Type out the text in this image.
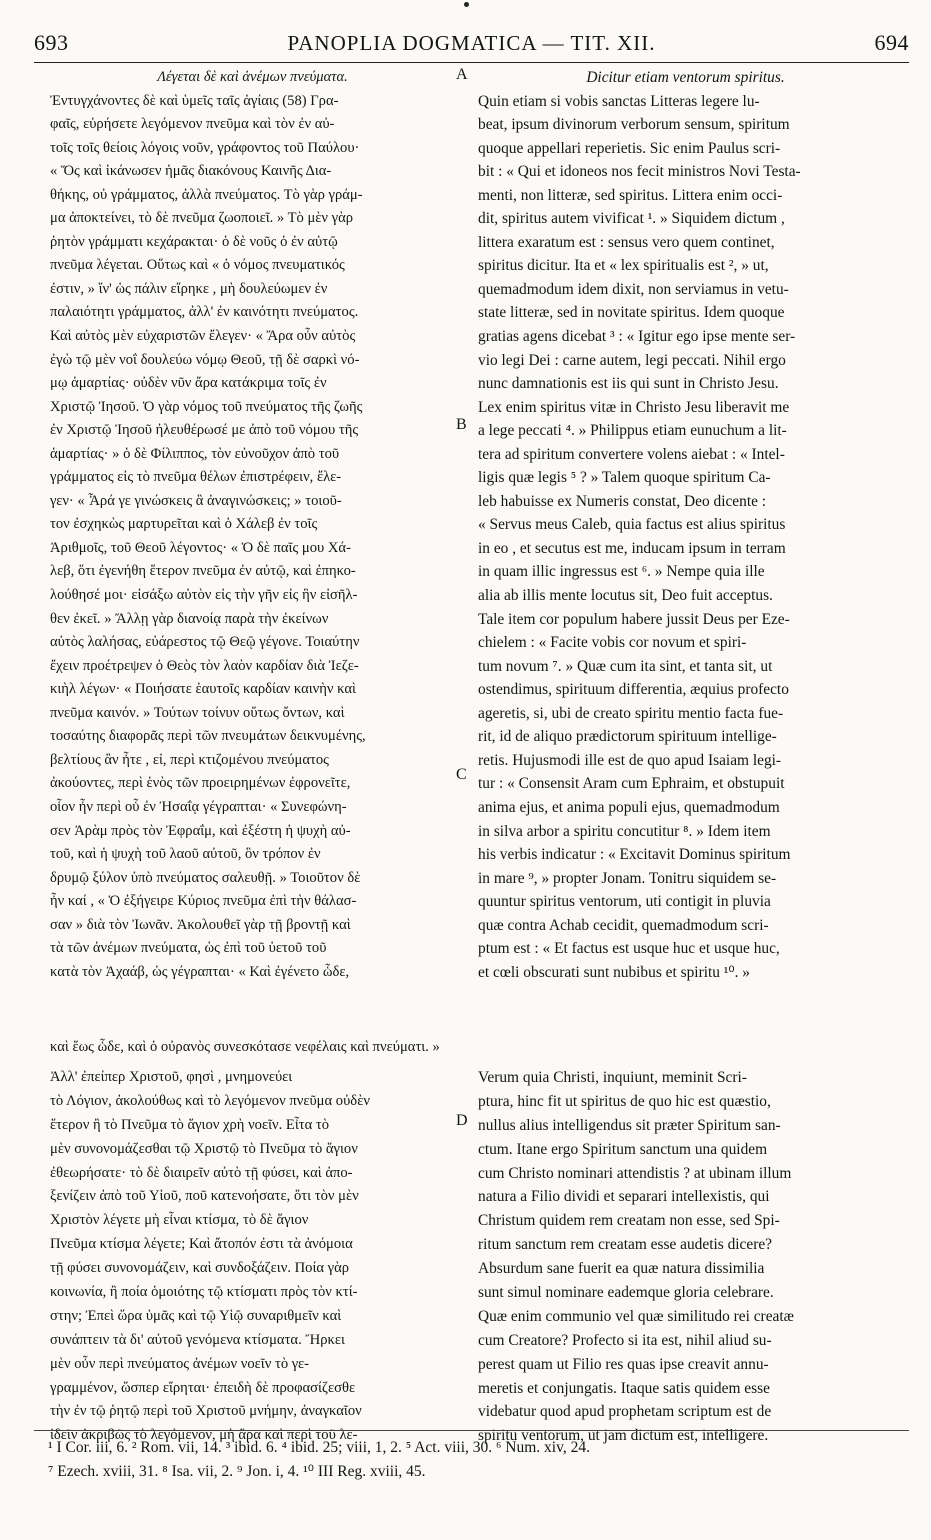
693	PANOPLIA DOGMATICA — TIT. XII.	694
Λέγεται δὲ καὶ ἀνέμων πνεύματα.
Ἐντυγχάνοντες δὲ καὶ ὑμεῖς ταῖς ἁγίαις (58) Γρα-
φαῖς, εὑρήσετε λεγόμενον πνεῦμα καὶ τὸν ἐν αὐ-
τοῖς τοῖς θείοις λόγοις νοῦν, γράφοντος τοῦ Παύλου·
« Ὅς καὶ ἱκάνωσεν ἡμᾶς διακόνους Καινῆς Δια-
θήκης, οὐ γράμματος, ἀλλὰ πνεύματος. Τὸ γὰρ γράμ-
μα ἀποκτείνει, τὸ δὲ πνεῦμα ζωοποιεῖ. » Τὸ μὲν γὰρ
ῥητὸν γράμματι κεχάρακται· ὁ δὲ νοῦς ὁ ἐν αὐτῷ
πνεῦμα λέγεται. Οὕτως καὶ « ὁ νόμος πνευματικός
ἐστιν, » ἵν' ὡς πάλιν εἴρηκε , μὴ δουλεύωμεν ἐν
παλαιότητι γράμματος, ἀλλ' ἐν καινότητι πνεύματος.
Καὶ αὐτὸς μὲν εὐχαριστῶν ἔλεγεν· « Ἄρα οὖν αὐτὸς
ἐγὼ τῷ μὲν νοΐ δουλεύω νόμῳ Θεοῦ, τῇ δὲ σαρκὶ νό-
μῳ ἁμαρτίας· οὐδὲν νῦν ἄρα κατάκριμα τοῖς ἐν
Χριστῷ Ἰησοῦ. Ὁ γὰρ νόμος τοῦ πνεύματος τῆς ζωῆς
ἐν Χριστῷ Ἰησοῦ ἠλευθέρωσέ με ἀπὸ τοῦ νόμου τῆς
ἁμαρτίας· » ὁ δὲ Φίλιππος, τὸν εὐνοῦχον ἀπὸ τοῦ
γράμματος εἰς τὸ πνεῦμα θέλων ἐπιστρέφειν, ἔλε-
γεν· « Ἆρά γε γινώσκεις ἃ ἀναγινώσκεις; » τοιοῦ-
τον ἐσχηκὼς μαρτυρεῖται καὶ ὁ Χάλεβ ἐν τοῖς
Ἀριθμοῖς, τοῦ Θεοῦ λέγοντος· « Ὁ δὲ παῖς μου Χά-
λεβ, ὅτι ἐγενήθη ἕτερον πνεῦμα ἐν αὐτῷ, καὶ ἐπηκο-
λούθησέ μοι· εἰσάξω αὐτὸν εἰς τὴν γῆν εἰς ἣν εἰσῆλ-
θεν ἐκεῖ. » Ἄλλῃ γὰρ διανοίᾳ παρὰ τὴν ἐκείνων
αὐτὸς λαλήσας, εὐάρεστος τῷ Θεῷ γέγονε. Τοιαύτην
ἔχειν προέτρεψεν ὁ Θεὸς τὸν λαὸν καρδίαν διὰ Ἰεζε-
κιὴλ λέγων· « Ποιήσατε ἑαυτοῖς καρδίαν καινὴν καὶ
πνεῦμα καινόν. » Τούτων τοίνυν οὕτως ὄντων, καὶ
τοσαύτης διαφορᾶς περὶ τῶν πνευμάτων δεικνυμένης,
βελτίους ἂν ἦτε , εἰ, περὶ κτιζομένου πνεύματος
ἀκούοντες, περὶ ἑνὸς τῶν προειρημένων ἐφρονεῖτε,
οἷον ἦν περὶ οὗ ἐν Ἠσαΐᾳ γέγραπται· « Συνεφώνη-
σεν Ἀρὰμ πρὸς τὸν Ἐφραΐμ, καὶ ἐξέστη ἡ ψυχὴ αὐ-
τοῦ, καὶ ἡ ψυχὴ τοῦ λαοῦ αὐτοῦ, ὃν τρόπον ἐν
δρυμῷ ξύλον ὑπὸ πνεύματος σαλευθῇ. » Τοιοῦτον δὲ
ἦν καί , « Ὁ ἐξήγειρε Κύριος πνεῦμα ἐπὶ τὴν θάλασ-
σαν » διὰ τὸν Ἰωνᾶν. Ἀκολουθεῖ γὰρ τῇ βροντῇ καὶ
τὰ τῶν ἀνέμων πνεύματα, ὡς ἐπὶ τοῦ ὑετοῦ τοῦ
κατὰ τὸν Ἀχαάβ, ὡς γέγραπται· « Καὶ ἐγένετο ὧδε,
A
B
C
D
Dicitur etiam ventorum spiritus.
Quin etiam si vobis sanctas Litteras legere lu-
beat, ipsum divinorum verborum sensum, spiritum
quoque appellari reperietis. Sic enim Paulus scri-
bit : « Qui et idoneos nos fecit ministros Novi Testa-
menti, non litteræ, sed spiritus. Littera enim occi-
dit, spiritus autem vivificat ¹. » Siquidem dictum ,
littera exaratum est : sensus vero quem continet,
spiritus dicitur. Ita et « lex spiritualis est ², » ut,
quemadmodum idem dixit, non serviamus in vetu-
state litteræ, sed in novitate spiritus. Idem quoque
gratias agens dicebat ³ : « Igitur ego ipse mente ser-
vio legi Dei : carne autem, legi peccati. Nihil ergo
nunc damnationis est iis qui sunt in Christo Jesu.
Lex enim spiritus vitæ in Christo Jesu liberavit me
a lege peccati ⁴. » Philippus etiam eunuchum a lit-
tera ad spiritum convertere volens aiebat : « Intel-
ligis quæ legis ⁵ ? » Talem quoque spiritum Ca-
leb habuisse ex Numeris constat, Deo dicente :
« Servus meus Caleb, quia factus est alius spiritus
in eo , et secutus est me, inducam ipsum in terram
in quam illic ingressus est ⁶. » Nempe quia ille
alia ab illis mente locutus sit, Deo fuit acceptus.
Tale item cor populum habere jussit Deus per Eze-
chielem : « Facite vobis cor novum et spiri-
tum novum ⁷. » Quæ cum ita sint, et tanta sit, ut
ostendimus, spirituum differentia, æquius profecto
ageretis, si, ubi de creato spiritu mentio facta fue-
rit, id de aliquo prædictorum spirituum intellige-
retis. Hujusmodi ille est de quo apud Isaiam legi-
tur : « Consensit Aram cum Ephraim, et obstupuit
anima ejus, et anima populi ejus, quemadmodum
in silva arbor a spiritu concutitur ⁸. » Idem item
his verbis indicatur : « Excitavit Dominus spiritum
in mare ⁹, » propter Jonam. Tonitru siquidem se-
quuntur spiritus ventorum, uti contigit in pluvia
quæ contra Achab cecidit, quemadmodum scri-
ptum est : « Et factus est usque huc et usque huc,
et cœli obscurati sunt nubibus et spiritu ¹⁰. »
καὶ ἕως ὧδε, καὶ ὁ οὐρανὸς συνεσκότασε νεφέλαις καὶ πνεύματι. »
Ἀλλ' ἐπείπερ Χριστοῦ, φησὶ , μνημονεύει
τὸ Λόγιον, ἀκολούθως καὶ τὸ λεγόμενον πνεῦμα οὐδὲν
ἕτερον ἢ τὸ Πνεῦμα τὸ ἅγιον χρὴ νοεῖν. Εἶτα τὸ
μὲν συνονομάζεσθαι τῷ Χριστῷ τὸ Πνεῦμα τὸ ἅγιον
ἐθεωρήσατε· τὸ δὲ διαιρεῖν αὐτὸ τῇ φύσει, καὶ ἀπο-
ξενίζειν ἀπὸ τοῦ Υἱοῦ, ποῦ κατενοήσατε, ὅτι τὸν μὲν
Χριστὸν λέγετε μὴ εἶναι κτίσμα, τὸ δὲ ἅγιον
Πνεῦμα κτίσμα λέγετε; Καὶ ἄτοπόν ἐστι τὰ ἀνόμοια
τῇ φύσει συνονομάζειν, καὶ συνδοξάζειν. Ποία γὰρ
κοινωνία, ἢ ποία ὁμοιότης τῷ κτίσματι πρὸς τὸν κτί-
στην; Ἐπεὶ ὥρα ὑμᾶς καὶ τῷ Υἱῷ συναριθμεῖν καὶ
συνάπτειν τὰ δι' αὐτοῦ γενόμενα κτίσματα. Ἤρκει
μὲν οὖν περὶ πνεύματος ἀνέμων νοεῖν τὸ γε-
γραμμένον, ὥσπερ εἴρηται· ἐπειδὴ δὲ προφασίζεσθε
τὴν ἐν τῷ ῥητῷ περὶ τοῦ Χριστοῦ μνήμην, ἀναγκαῖον
ἰδεῖν ἀκριβῶς τὸ λεγόμενον, μὴ ἄρα καὶ περὶ τοῦ λε-
Verum quia Christi, inquiunt, meminit Scri-
ptura, hinc fit ut spiritus de quo hic est quæstio,
nullus alius intelligendus sit præter Spiritum san-
ctum. Itane ergo Spiritum sanctum una quidem
cum Christo nominari attendistis ? at ubinam illum
natura a Filio dividi et separari intellexistis, qui
Christum quidem rem creatam non esse, sed Spi-
ritum sanctum rem creatam esse audetis dicere?
Absurdum sane fuerit ea quæ natura dissimilia
sunt simul nominare eademque gloria celebrare.
Quæ enim communio vel quæ similitudo rei creatæ
cum Creatore? Profecto si ita est, nihil aliud su-
perest quam ut Filio res quas ipse creavit annu-
meretis et conjungatis. Itaque satis quidem esse
videbatur quod apud prophetam scriptum est de
spiritu ventorum, ut jam dictum est, intelligere.
¹ I Cor. iii, 6. ² Rom. vii, 14. ³ ibid. 6. ⁴ ibid. 25; viii, 1, 2. ⁵ Act. viii, 30. ⁶ Num. xiv, 24.
⁷ Ezech. xviii, 31. ⁸ Isa. vii, 2. ⁹ Jon. i, 4. ¹⁰ III Reg. xviii, 45.
